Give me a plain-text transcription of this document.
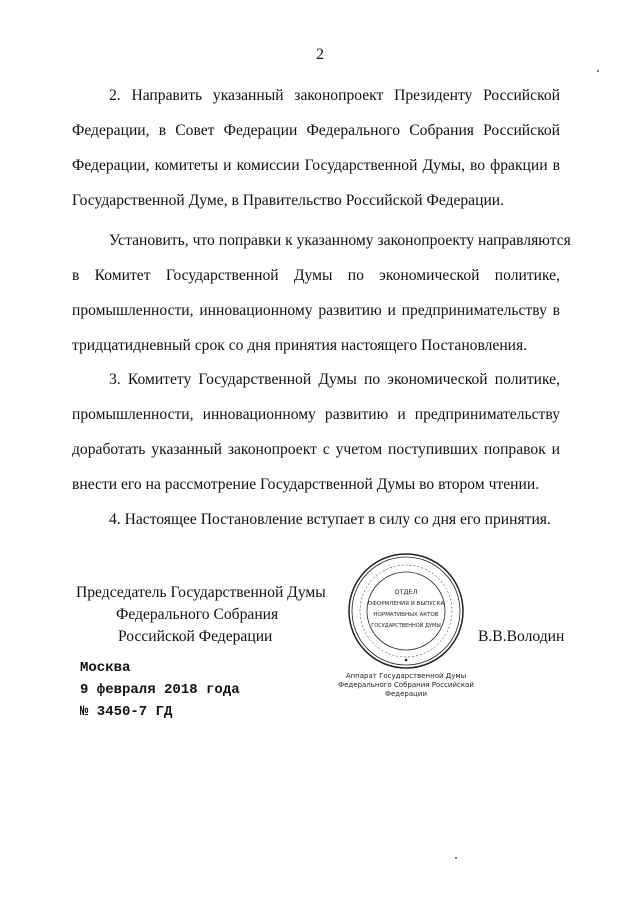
2
2. Направить указанный законопроект Президенту Российской
Федерации, в Совет Федерации Федерального Собрания Российской
Федерации, комитеты и комиссии Государственной Думы, во фракции в
Государственной Думе, в Правительство Российской Федерации.
Установить, что поправки к указанному законопроекту направляются
в Комитет Государственной Думы по экономической политике,
промышленности, инновационному развитию и предпринимательству в
тридцатидневный срок со дня принятия настоящего Постановления.
3. Комитету Государственной Думы по экономической политике,
промышленности, инновационному развитию и предпринимательству
доработать указанный законопроект с учетом поступивших поправок и
внести его на рассмотрение Государственной Думы во втором чтении.
4. Настоящее Постановление вступает в силу со дня его принятия.
Председатель Государственной Думы
Федерального Собрания
Российской Федерации	В.В.Володин
ОТДЕЛ
ОФОРМЛЕНИЯ И ВЫПУСКА
НОРМАТИВНЫХ АКТОВ
ГОСУДАРСТВЕННОЙ ДУМЫ
Аппарат Государственной Думы Федерального Собрания Российской Федерации
Москва
9 февраля 2018 года
№ 3450-7 ГД
